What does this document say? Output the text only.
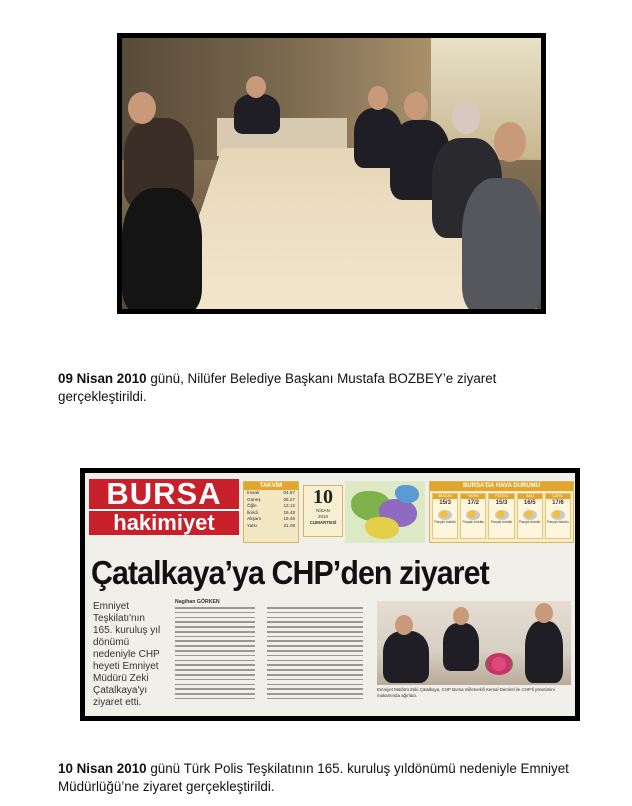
09 Nisan 2010 günü, Nilüfer Belediye Başkanı Mustafa BOZBEY’e ziyaret gerçekleştirildi.

BURSA
hakimiyet
TAKVİM
İmsak	04.57
Güneş	06.27
Öğle	13.12
İkindi	16.48
Akşam	19.45
Yatsı	21.08
10
NİSAN
2010
CUMARTESİ
BURSA'DA HAVA DURUMU
BUGÜN
15/3
Parçalı bulutlu
YARIN
17/2
Parçalı bulutlu
PZTESİ
15/3
Parçalı bulutlu
SALI
16/5
Parçalı bulutlu
ÇARŞ.
17/6
Parçalı bulutlu
Çatalkaya’ya CHP’den ziyaret
Emniyet Teşkilatı'nın 165. kuruluş yıl dönümü nedeniyle CHP heyeti Emniyet Müdürü Zeki Çatalkaya'yı ziyaret etti.
Nagihan GÖRKEN
Emniyet Müdürü Zeki Çatalkaya, CHP Bursa milletvekili Kemal Demirel ile CHP'li yönetimini makamında ağırladı.

10 Nisan 2010 günü Türk Polis Teşkilatının 165. kuruluş yıldönümü nedeniyle Emniyet Müdürlüğü’ne ziyaret gerçekleştirildi.
